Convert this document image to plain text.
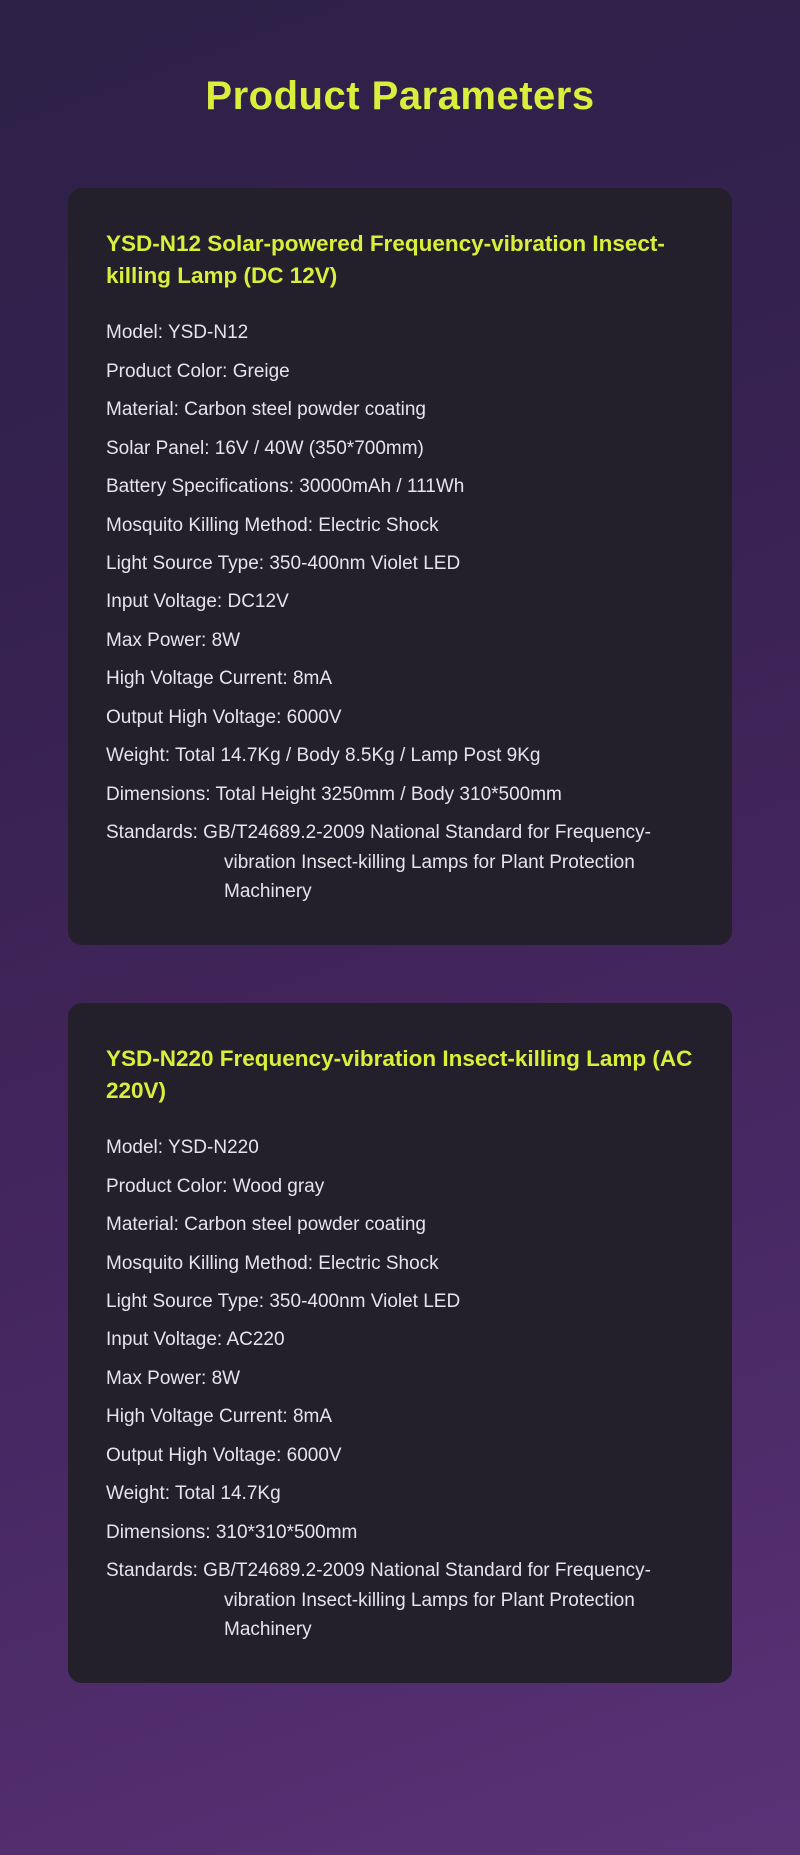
Product Parameters
YSD-N12 Solar-powered Frequency-vibration Insect-killing Lamp (DC 12V)
Model: YSD-N12
Product Color: Greige
Material: Carbon steel powder coating
Solar Panel: 16V / 40W (350*700mm)
Battery Specifications: 30000mAh / 111Wh
Mosquito Killing Method: Electric Shock
Light Source Type: 350-400nm Violet LED
Input Voltage: DC12V
Max Power: 8W
High Voltage Current: 8mA
Output High Voltage: 6000V
Weight: Total 14.7Kg / Body 8.5Kg / Lamp Post 9Kg
Dimensions: Total Height 3250mm / Body 310*500mm
Standards: GB/T24689.2-2009 National Standard for Frequency-vibration Insect-killing Lamps for Plant Protection Machinery
YSD-N220 Frequency-vibration Insect-killing Lamp (AC 220V)
Model: YSD-N220
Product Color: Wood gray
Material: Carbon steel powder coating
Mosquito Killing Method: Electric Shock
Light Source Type: 350-400nm Violet LED
Input Voltage: AC220
Max Power: 8W
High Voltage Current: 8mA
Output High Voltage: 6000V
Weight: Total 14.7Kg
Dimensions: 310*310*500mm
Standards: GB/T24689.2-2009 National Standard for Frequency-vibration Insect-killing Lamps for Plant Protection Machinery
